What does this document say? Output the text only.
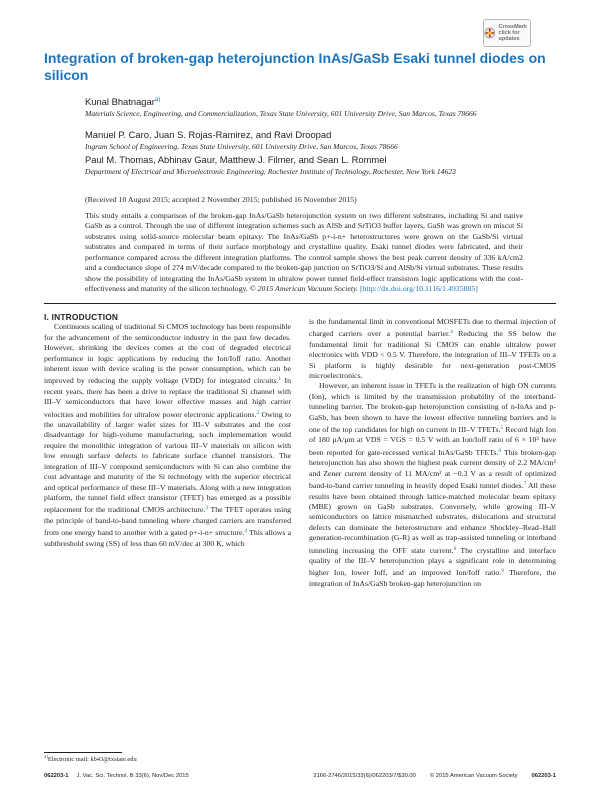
CrossMark
click for updates
Integration of broken-gap heterojunction InAs/GaSb Esaki tunnel diodes on silicon

Kunal Bhatnagar$^{a)}$

Materials Science, Engineering, and Commercialization, Texas State University, 601 University Drive, San Marcos, Texas 78666

Manuel P. Caro, Juan S. Rojas-Ramirez, and Ravi Droopad

Ingram School of Engineering, Texas State University, 601 University Drive, San Marcos, Texas 78666

Paul M. Thomas, Abhinav Gaur, Matthew J. Filmer, and Sean L. Rommel

Department of Electrical and Microelectronic Engineering, Rochester Institute of Technology, Rochester, New York 14623

(Received 10 August 2015; accepted 2 November 2015; published 16 November 2015)
This study entails a comparison of the broken-gap InAs/GaSb heterojunction system on two different substrates, including Si and native GaSb as a control. Through the use of different integration schemes such as AlSb and SrTiO3 buffer layers, GaSb was grown on miscut Si substrates using solid-source molecular beam epitaxy. The InAs/GaSb p+-i-n+ heterostructures were grown on the GaSb/Si virtual substrates and compared in terms of their surface morphology and crystalline quality. Esaki tunnel diodes were fabricated, and their performance compared across the different integration platforms. The control sample shows the best peak current density of 336 kA/cm2 and a conductance slope of 274 mV/decade compared to the broken-gap junction on SrTiO3/Si and AlSb/Si virtual substrates. These results show the possibility of integrating the InAs/GaSb system in ultralow power tunnel field-effect transistors logic applications with the cost-effectiveness and maturity of the silicon technology. © 2015 American Vacuum Society. [http://dx.doi.org/10.1116/1.4935885]

I. INTRODUCTION

Continuous scaling of traditional Si CMOS technology has been responsible for the advancement of the semiconductor industry in the past few decades. However, shrinking the devices comes at the cost of degraded electrical performance in logic applications by reducing the Ion/Ioff ratio. Another inherent issue with device scaling is the power consumption, which can be improved by reducing the supply voltage (VDD) for integrated circuits.$^1$ In recent years, there has been a drive to replace the traditional Si channel with III–V semiconductors that have lower effective masses and high carrier velocities and mobilities for ultralow power electronic applications.$^2$ Owing to the unavailability of larger wafer sizes for III–V substrates and the cost disadvantage for high-volume manufacturing, such implementation would require the monolithic integration of various III–V materials on silicon with low enough surface defects to fabricate surface channel transistors. The integration of III–V compound semiconductors with Si can also combine the cost advantage and maturity of the Si technology with the superior electrical and optical performance of these III–V materials. Along with a new integration platform, the tunnel field effect transistor (TFET) has emerged as a possible replacement for the traditional CMOS architecture.$^3$ The TFET operates using the principle of band-to-band tunneling where charged carriers are transferred from one energy band to another with a gated p+-i-n+ structure.$^4$ This allows a subthreshold swing (SS) of less than 60 mV/dec at 300 K, which

is the fundamental limit in conventional MOSFETs due to thermal injection of charged carriers over a potential barrier.$^4$ Reducing the SS below the fundamental limit for traditional Si CMOS can enable ultralow power electronics with VDD < 0.5 V. Therefore, the integration of III–V TFETs on a Si platform is highly desirable for next-generation post-CMOS microelectronics.

However, an inherent issue in TFETs is the realization of high ON currents (Ion), which is limited by the transmission probability of the interband-tunneling barrier. The broken-gap heterojunction consisting of n-InAs and p-GaSb, has been shown to have the lowest effective tunneling barriers and is one of the top candidates for high on current in III–V TFETs.$^5$ Record high Ion of 180 μA/μm at VDS = VGS = 0.5 V with an Ion/Ioff ratio of 6 × 10³ have been reported for gate-recessed vertical InAs/GaSb TFETs.$^6$ This broken-gap heterojunction has also shown the highest peak current density of 2.2 MA/cm² and Zener current density of 11 MA/cm² at −0.3 V as a result of optimized band-to-band carrier tunneling in heavily doped Esaki tunnel diodes.$^7$ All these results have been obtained through lattice-matched molecular beam epitaxy (MBE) grown on GaSb substrates. Conversely, while growing III–V semiconductors on lattice mismatched substrates, dislocations and structural defects can dominate the heterostructure and enhance Shockley–Read–Hall generation-recombination (G-R) as well as trap-assisted tunneling or interband tunneling increasing the OFF state current.$^8$ The crystalline and interface quality of the III–V heterojunction plays a significant role in determining higher Ion, lower Ioff, and an improved Ion/Ioff ratio.$^9$ Therefore, the integration of InAs/GaSb broken-gap heterojunction on

$^{a)}$Electronic mail: kb43@txstate.edu
062203-1 J. Vac. Sci. Technol. B 33(6), Nov/Dec 2015	2166-2746/2015/33(6)/062203/7/$30.00 © 2015 American Vacuum Society 062203-1
